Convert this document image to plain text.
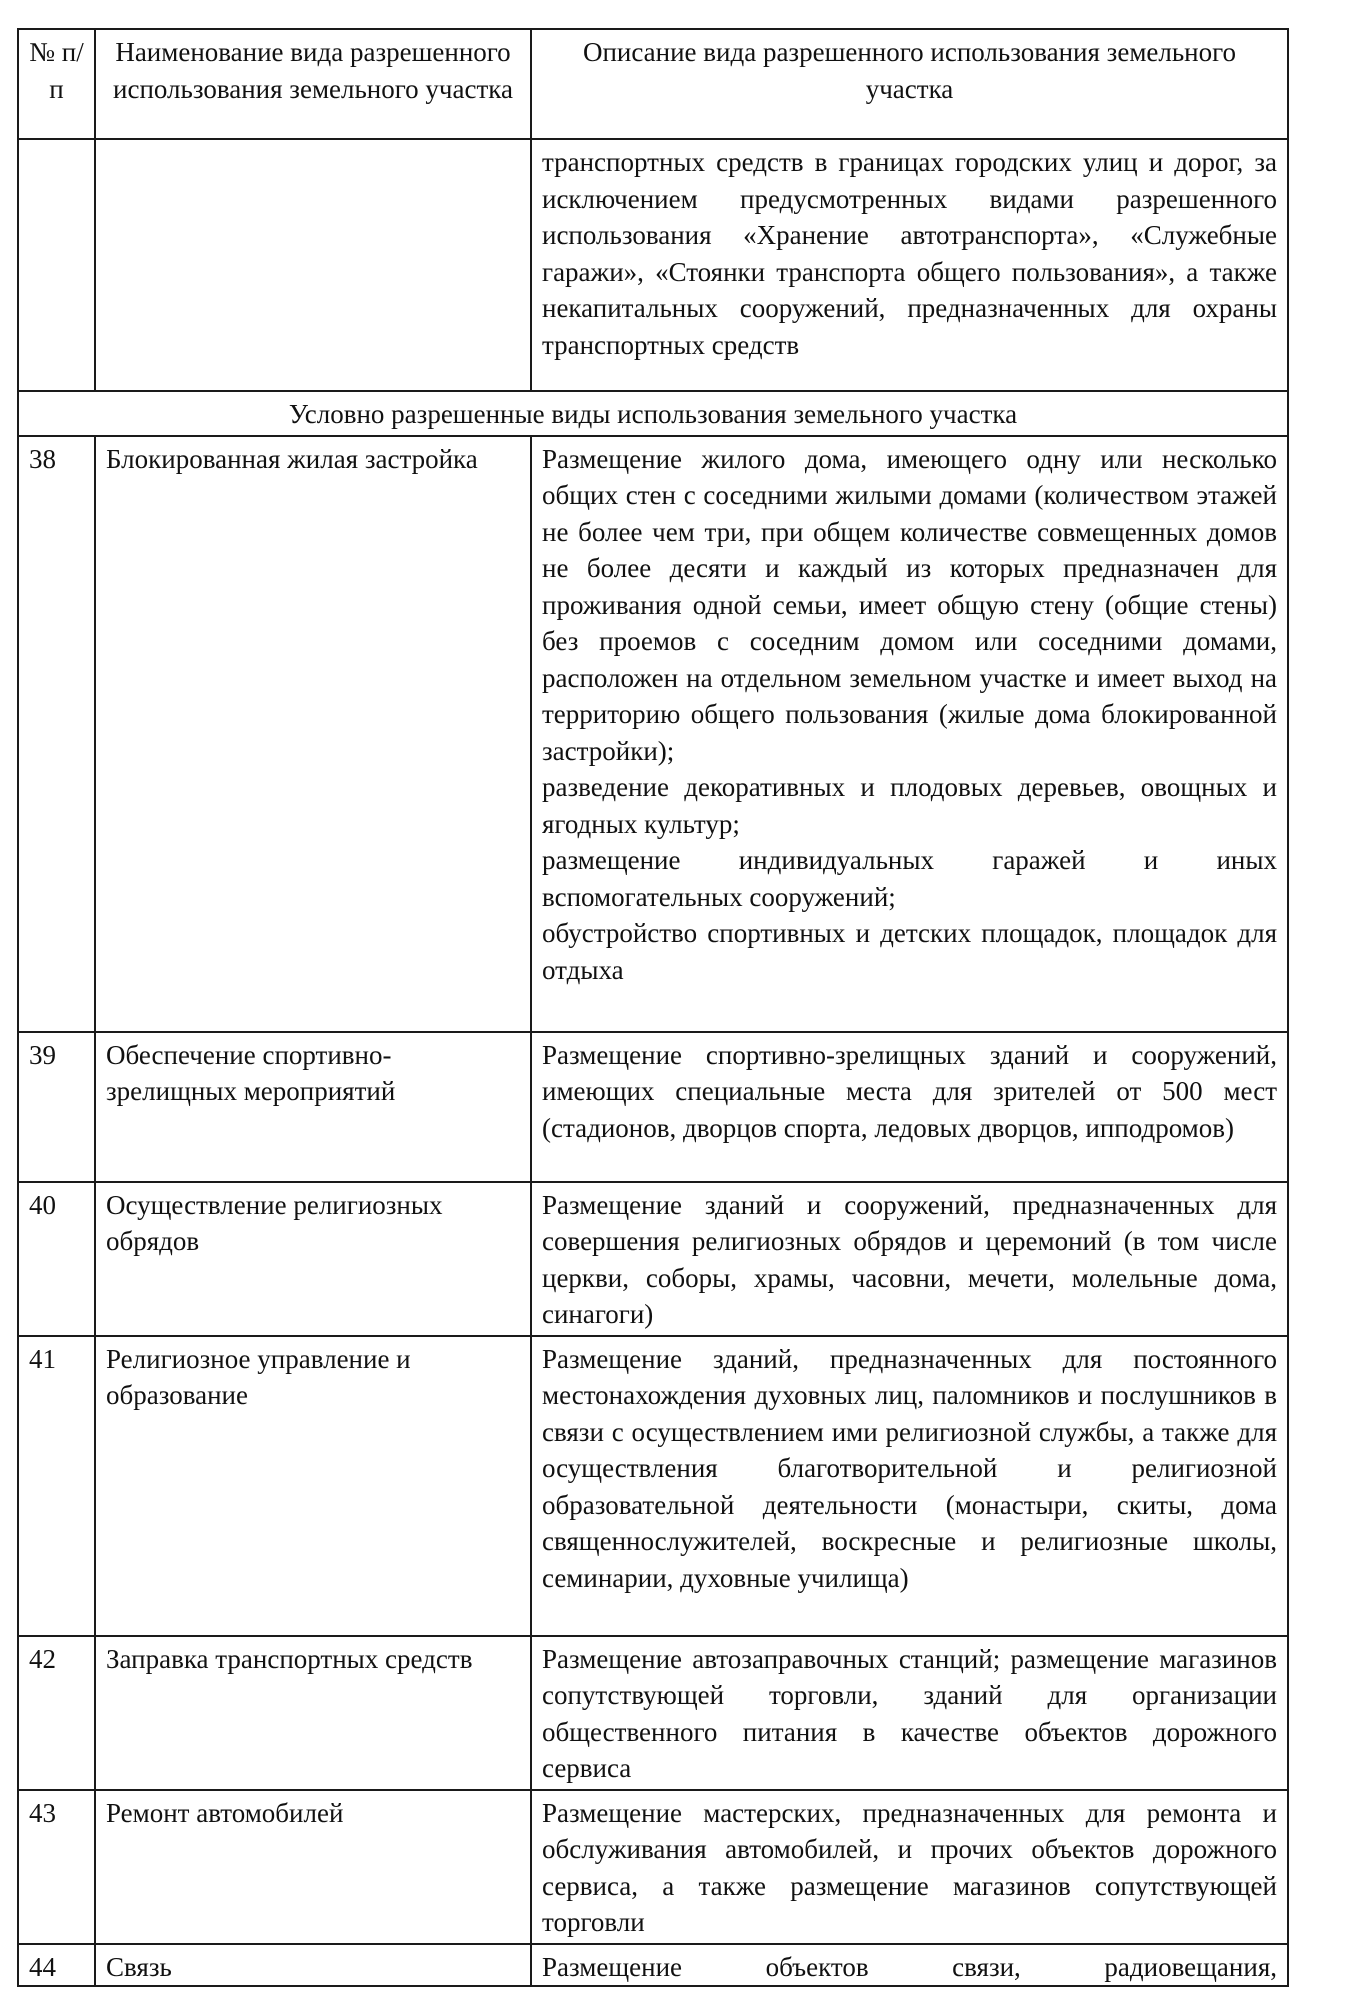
№ п/п	Наименование вида разрешенного использования земельного участка	Описание вида разрешенного использования земельного участка
		транспортных средств в границах городских улиц и дорог, за исключением предусмотренных видами разрешенного использования «Хранение автотранспорта», «Служебные гаражи», «Стоянки транспорта общего пользования», а также некапитальных сооружений, предназначенных для охраны транспортных средств
Условно разрешенные виды использования земельного участка		
38	Блокированная жилая застройка	Размещение жилого дома, имеющего одну или несколько общих стен с соседними жилыми домами (количеством этажей не более чем три, при общем количестве совмещенных домов не более десяти и каждый из которых предназначен для проживания одной семьи, имеет общую стену (общие стены) без проемов с соседним домом или соседними домами, расположен на отдельном земельном участке и имеет выход на территорию общего пользования (жилые дома блокированной застройки);

разведение декоративных и плодовых деревьев, овощных и ягодных культур;

размещение индивидуальных гаражей и иных вспомогательных сооружений;

обустройство спортивных и детских площадок, площадок для отдыха

39	Обеспечение спортивно-зрелищных мероприятий	Размещение спортивно-зрелищных зданий и сооружений, имеющих специальные места для зрителей от 500 мест (стадионов, дворцов спорта, ледовых дворцов, ипподромов)

40	Осуществление религиозных обрядов	Размещение зданий и сооружений, предназначенных для совершения религиозных обрядов и церемоний (в том числе церкви, соборы, храмы, часовни, мечети, молельные дома, синагоги)

41	Религиозное управление и образование	Размещение зданий, предназначенных для постоянного местонахождения духовных лиц, паломников и послушников в связи с осуществлением ими религиозной службы, а также для осуществления благотворительной и религиозной образовательной деятельности (монастыри, скиты, дома священнослужителей, воскресные и религиозные школы, семинарии, духовные училища)

42	Заправка транспортных средств	Размещение автозаправочных станций; размещение магазинов сопутствующей торговли, зданий для организации общественного питания в качестве объектов дорожного сервиса

43	Ремонт автомобилей	Размещение мастерских, предназначенных для ремонта и обслуживания автомобилей, и прочих объектов дорожного сервиса, а также размещение магазинов сопутствующей торговли

44	Связь	Размещение объектов связи, радиовещания,
